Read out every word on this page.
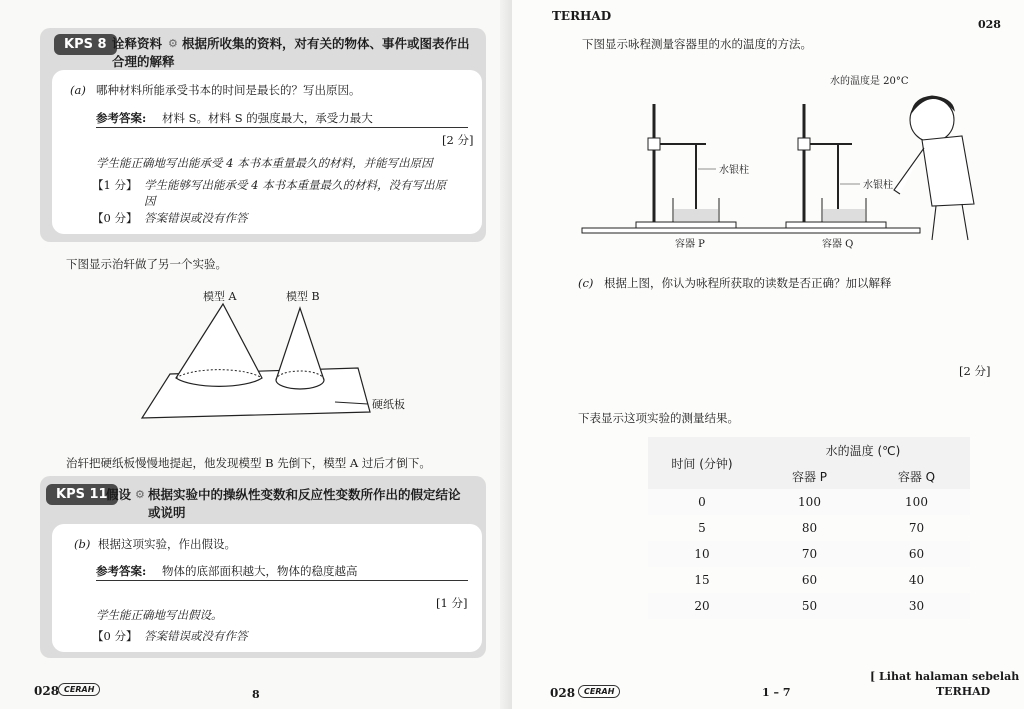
KPS 8 诠释资料 ⚙ 根据所收集的资料，对有关的物体、事件或图表作出
合理的解释
(a) 哪种材料所能承受书本的时间是最长的？写出原因。
参考答案: 材料 S。材料 S 的强度最大，承受力最大
[2 分]
学生能正确地写出能承受 4 本书本重量最久的材料，并能写出原因
【1 分】 学生能够写出能承受 4 本书本重量最久的材料，没有写出原
因
【0 分】 答案错误或没有作答
下图显示治轩做了另一个实验。
模型 A	模型 B
硬纸板
治轩把硬纸板慢慢地提起，他发现模型 B 先倒下，模型 A 过后才倒下。
KPS 11
假设 ⚙ 根据实验中的操纵性变数和反应性变数所作出的假定结论
或说明
(b) 根据这项实验，作出假设。
参考答案: 物体的底部面积越大，物体的稳度越高
[1 分]
学生能正确地写出假设。
【0 分】 答案错误或没有作答
028 CERAH	8
TERHAD
028
下图显示咏程测量容器里的水的温度的方法。
水的温度是 20°C
水银柱
水银柱
容器 P	容器 Q
(c) 根据上图，你认为咏程所获取的读数是否正确？加以解释
[2 分]
下表显示这项实验的测量结果。
时间 (分钟)	水的温度 (℃)	
	容器 P	容器 Q
0	100	100
5	80	70
10	70	60
15	60	40
20	50	30
028	CERAH	1 – 7
[ Lihat halaman sebelah
TERHAD
